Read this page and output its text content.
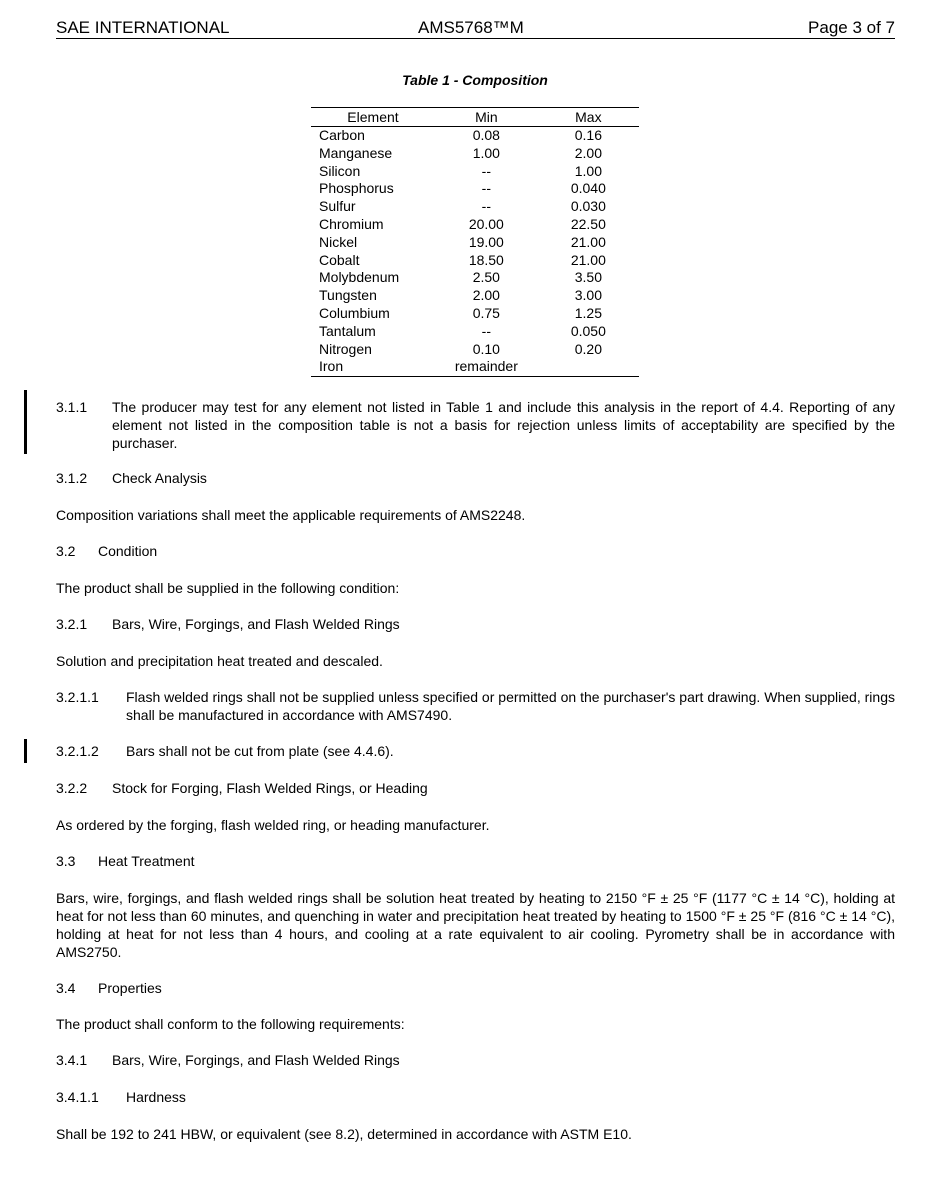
SAE INTERNATIONAL	AMS5768™M	Page 3 of 7
Table 1 - Composition
Element	Min	Max
Carbon	0.08	0.16
Manganese	1.00	2.00
Silicon	--	1.00
Phosphorus	--	0.040
Sulfur	--	0.030
Chromium	20.00	22.50
Nickel	19.00	21.00
Cobalt	18.50	21.00
Molybdenum	2.50	3.50
Tungsten	2.00	3.00
Columbium	0.75	1.25
Tantalum	--	0.050
Nitrogen	0.10	0.20
Iron	remainder	
3.1.1 The producer may test for any element not listed in Table 1 and include this analysis in the report of 4.4. Reporting of any element not listed in the composition table is not a basis for rejection unless limits of acceptability are specified by the purchaser.
3.1.2 Check Analysis
Composition variations shall meet the applicable requirements of AMS2248.
3.2 Condition
The product shall be supplied in the following condition:
3.2.1 Bars, Wire, Forgings, and Flash Welded Rings
Solution and precipitation heat treated and descaled.
3.2.1.1 Flash welded rings shall not be supplied unless specified or permitted on the purchaser's part drawing. When supplied, rings shall be manufactured in accordance with AMS7490.
3.2.1.2 Bars shall not be cut from plate (see 4.4.6).
3.2.2 Stock for Forging, Flash Welded Rings, or Heading
As ordered by the forging, flash welded ring, or heading manufacturer.
3.3 Heat Treatment
Bars, wire, forgings, and flash welded rings shall be solution heat treated by heating to 2150 °F ± 25 °F (1177 °C ± 14 °C), holding at heat for not less than 60 minutes, and quenching in water and precipitation heat treated by heating to 1500 °F ± 25 °F (816 °C ± 14 °C), holding at heat for not less than 4 hours, and cooling at a rate equivalent to air cooling. Pyrometry shall be in accordance with AMS2750.
3.4 Properties
The product shall conform to the following requirements:
3.4.1 Bars, Wire, Forgings, and Flash Welded Rings
3.4.1.1 Hardness
Shall be 192 to 241 HBW, or equivalent (see 8.2), determined in accordance with ASTM E10.
